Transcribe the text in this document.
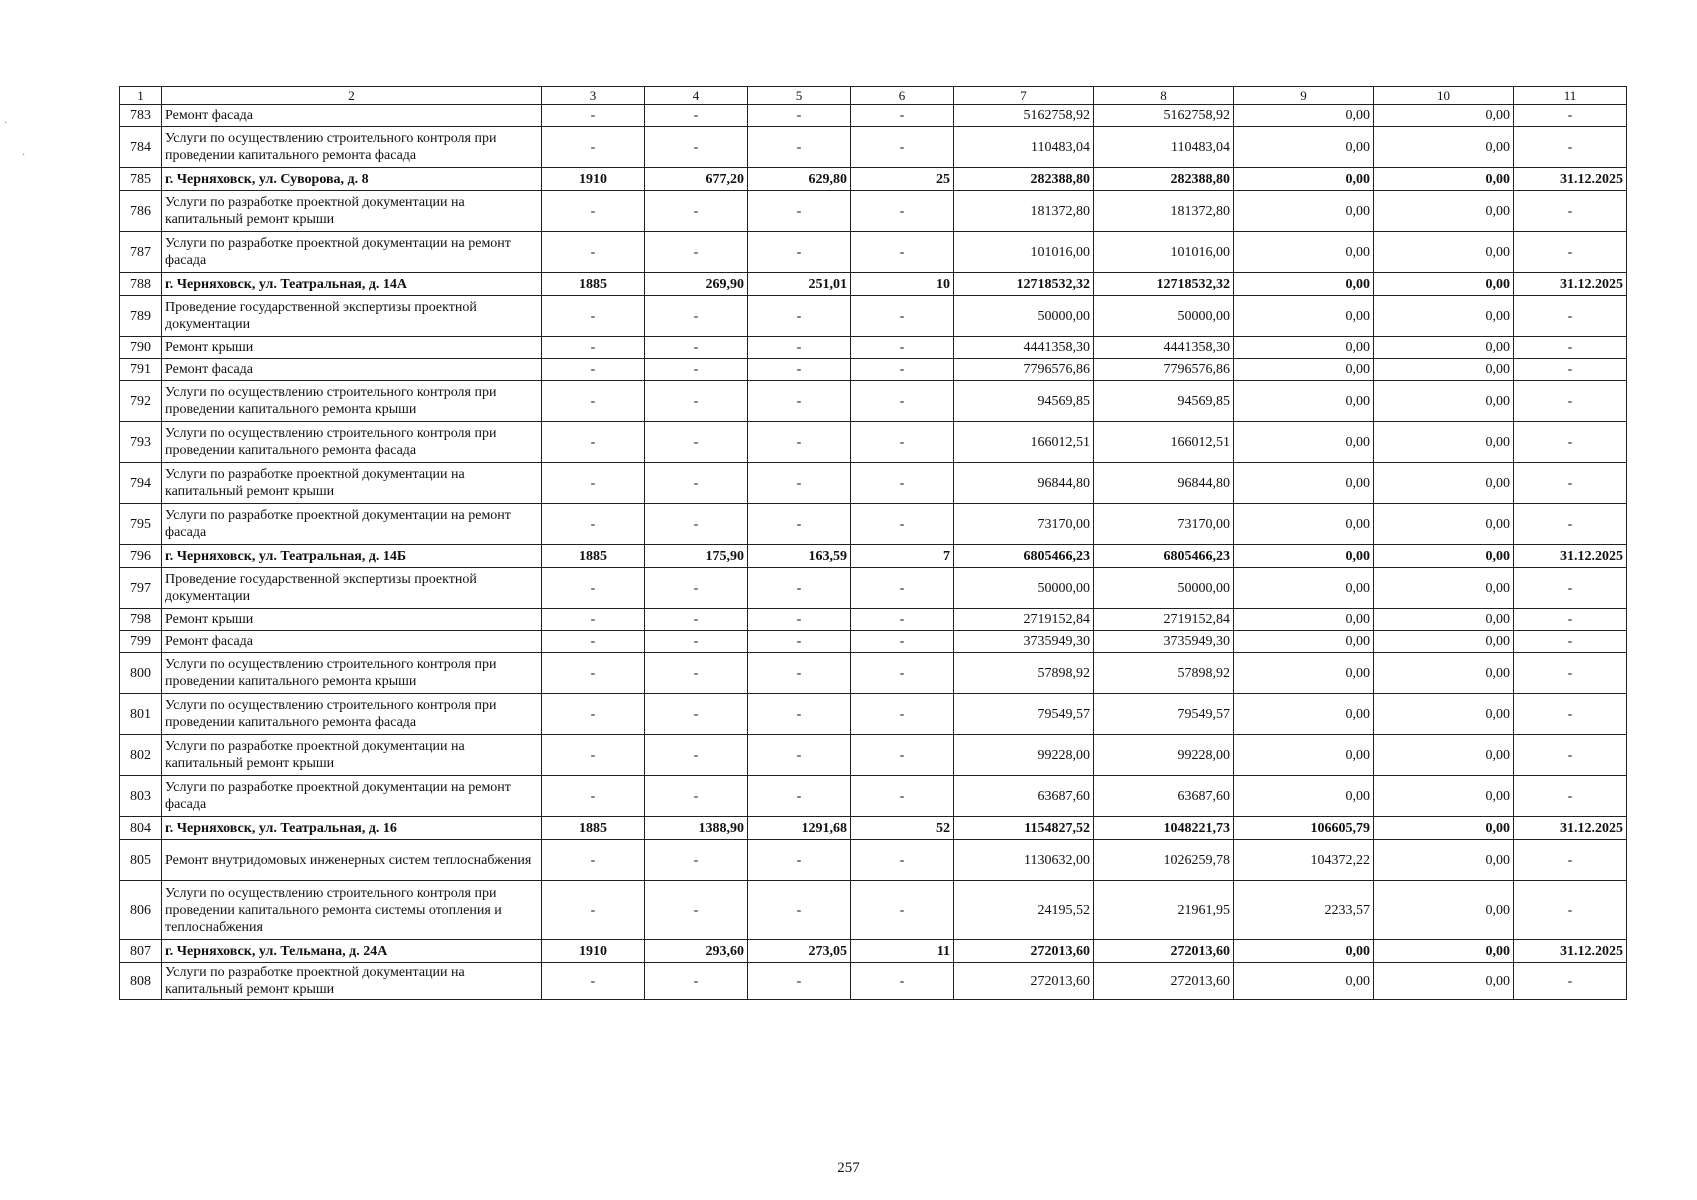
·
·
1	2	3	4	5	6	7	8	9	10	11
783	Ремонт фасада	-	-	-	-	5162758,92	5162758,92	0,00	0,00	-
784	Услуги по осуществлению строительного контроля при проведении капитального ремонта фасада	-	-	-	-	110483,04	110483,04	0,00	0,00	-
785	г. Черняховск, ул. Суворова, д. 8	1910	677,20	629,80	25	282388,80	282388,80	0,00	0,00	31.12.2025
786	Услуги по разработке проектной документации на капитальный ремонт крыши	-	-	-	-	181372,80	181372,80	0,00	0,00	-
787	Услуги по разработке проектной документации на ремонт фасада	-	-	-	-	101016,00	101016,00	0,00	0,00	-
788	г. Черняховск, ул. Театральная, д. 14А	1885	269,90	251,01	10	12718532,32	12718532,32	0,00	0,00	31.12.2025
789	Проведение государственной экспертизы проектной документации	-	-	-	-	50000,00	50000,00	0,00	0,00	-
790	Ремонт крыши	-	-	-	-	4441358,30	4441358,30	0,00	0,00	-
791	Ремонт фасада	-	-	-	-	7796576,86	7796576,86	0,00	0,00	-
792	Услуги по осуществлению строительного контроля при проведении капитального ремонта крыши	-	-	-	-	94569,85	94569,85	0,00	0,00	-
793	Услуги по осуществлению строительного контроля при проведении капитального ремонта фасада	-	-	-	-	166012,51	166012,51	0,00	0,00	-
794	Услуги по разработке проектной документации на капитальный ремонт крыши	-	-	-	-	96844,80	96844,80	0,00	0,00	-
795	Услуги по разработке проектной документации на ремонт фасада	-	-	-	-	73170,00	73170,00	0,00	0,00	-
796	г. Черняховск, ул. Театральная, д. 14Б	1885	175,90	163,59	7	6805466,23	6805466,23	0,00	0,00	31.12.2025
797	Проведение государственной экспертизы проектной документации	-	-	-	-	50000,00	50000,00	0,00	0,00	-
798	Ремонт крыши	-	-	-	-	2719152,84	2719152,84	0,00	0,00	-
799	Ремонт фасада	-	-	-	-	3735949,30	3735949,30	0,00	0,00	-
800	Услуги по осуществлению строительного контроля при проведении капитального ремонта крыши	-	-	-	-	57898,92	57898,92	0,00	0,00	-
801	Услуги по осуществлению строительного контроля при проведении капитального ремонта фасада	-	-	-	-	79549,57	79549,57	0,00	0,00	-
802	Услуги по разработке проектной документации на капитальный ремонт крыши	-	-	-	-	99228,00	99228,00	0,00	0,00	-
803	Услуги по разработке проектной документации на ремонт фасада	-	-	-	-	63687,60	63687,60	0,00	0,00	-
804	г. Черняховск, ул. Театральная, д. 16	1885	1388,90	1291,68	52	1154827,52	1048221,73	106605,79	0,00	31.12.2025
805	Ремонт внутридомовых инженерных систем теплоснабжения	-	-	-	-	1130632,00	1026259,78	104372,22	0,00	-
806	Услуги по осуществлению строительного контроля при проведении капитального ремонта системы отопления и теплоснабжения	-	-	-	-	24195,52	21961,95	2233,57	0,00	-
807	г. Черняховск, ул. Тельмана, д. 24А	1910	293,60	273,05	11	272013,60	272013,60	0,00	0,00	31.12.2025
808	Услуги по разработке проектной документации на капитальный ремонт крыши	-	-	-	-	272013,60	272013,60	0,00	0,00	-
257
